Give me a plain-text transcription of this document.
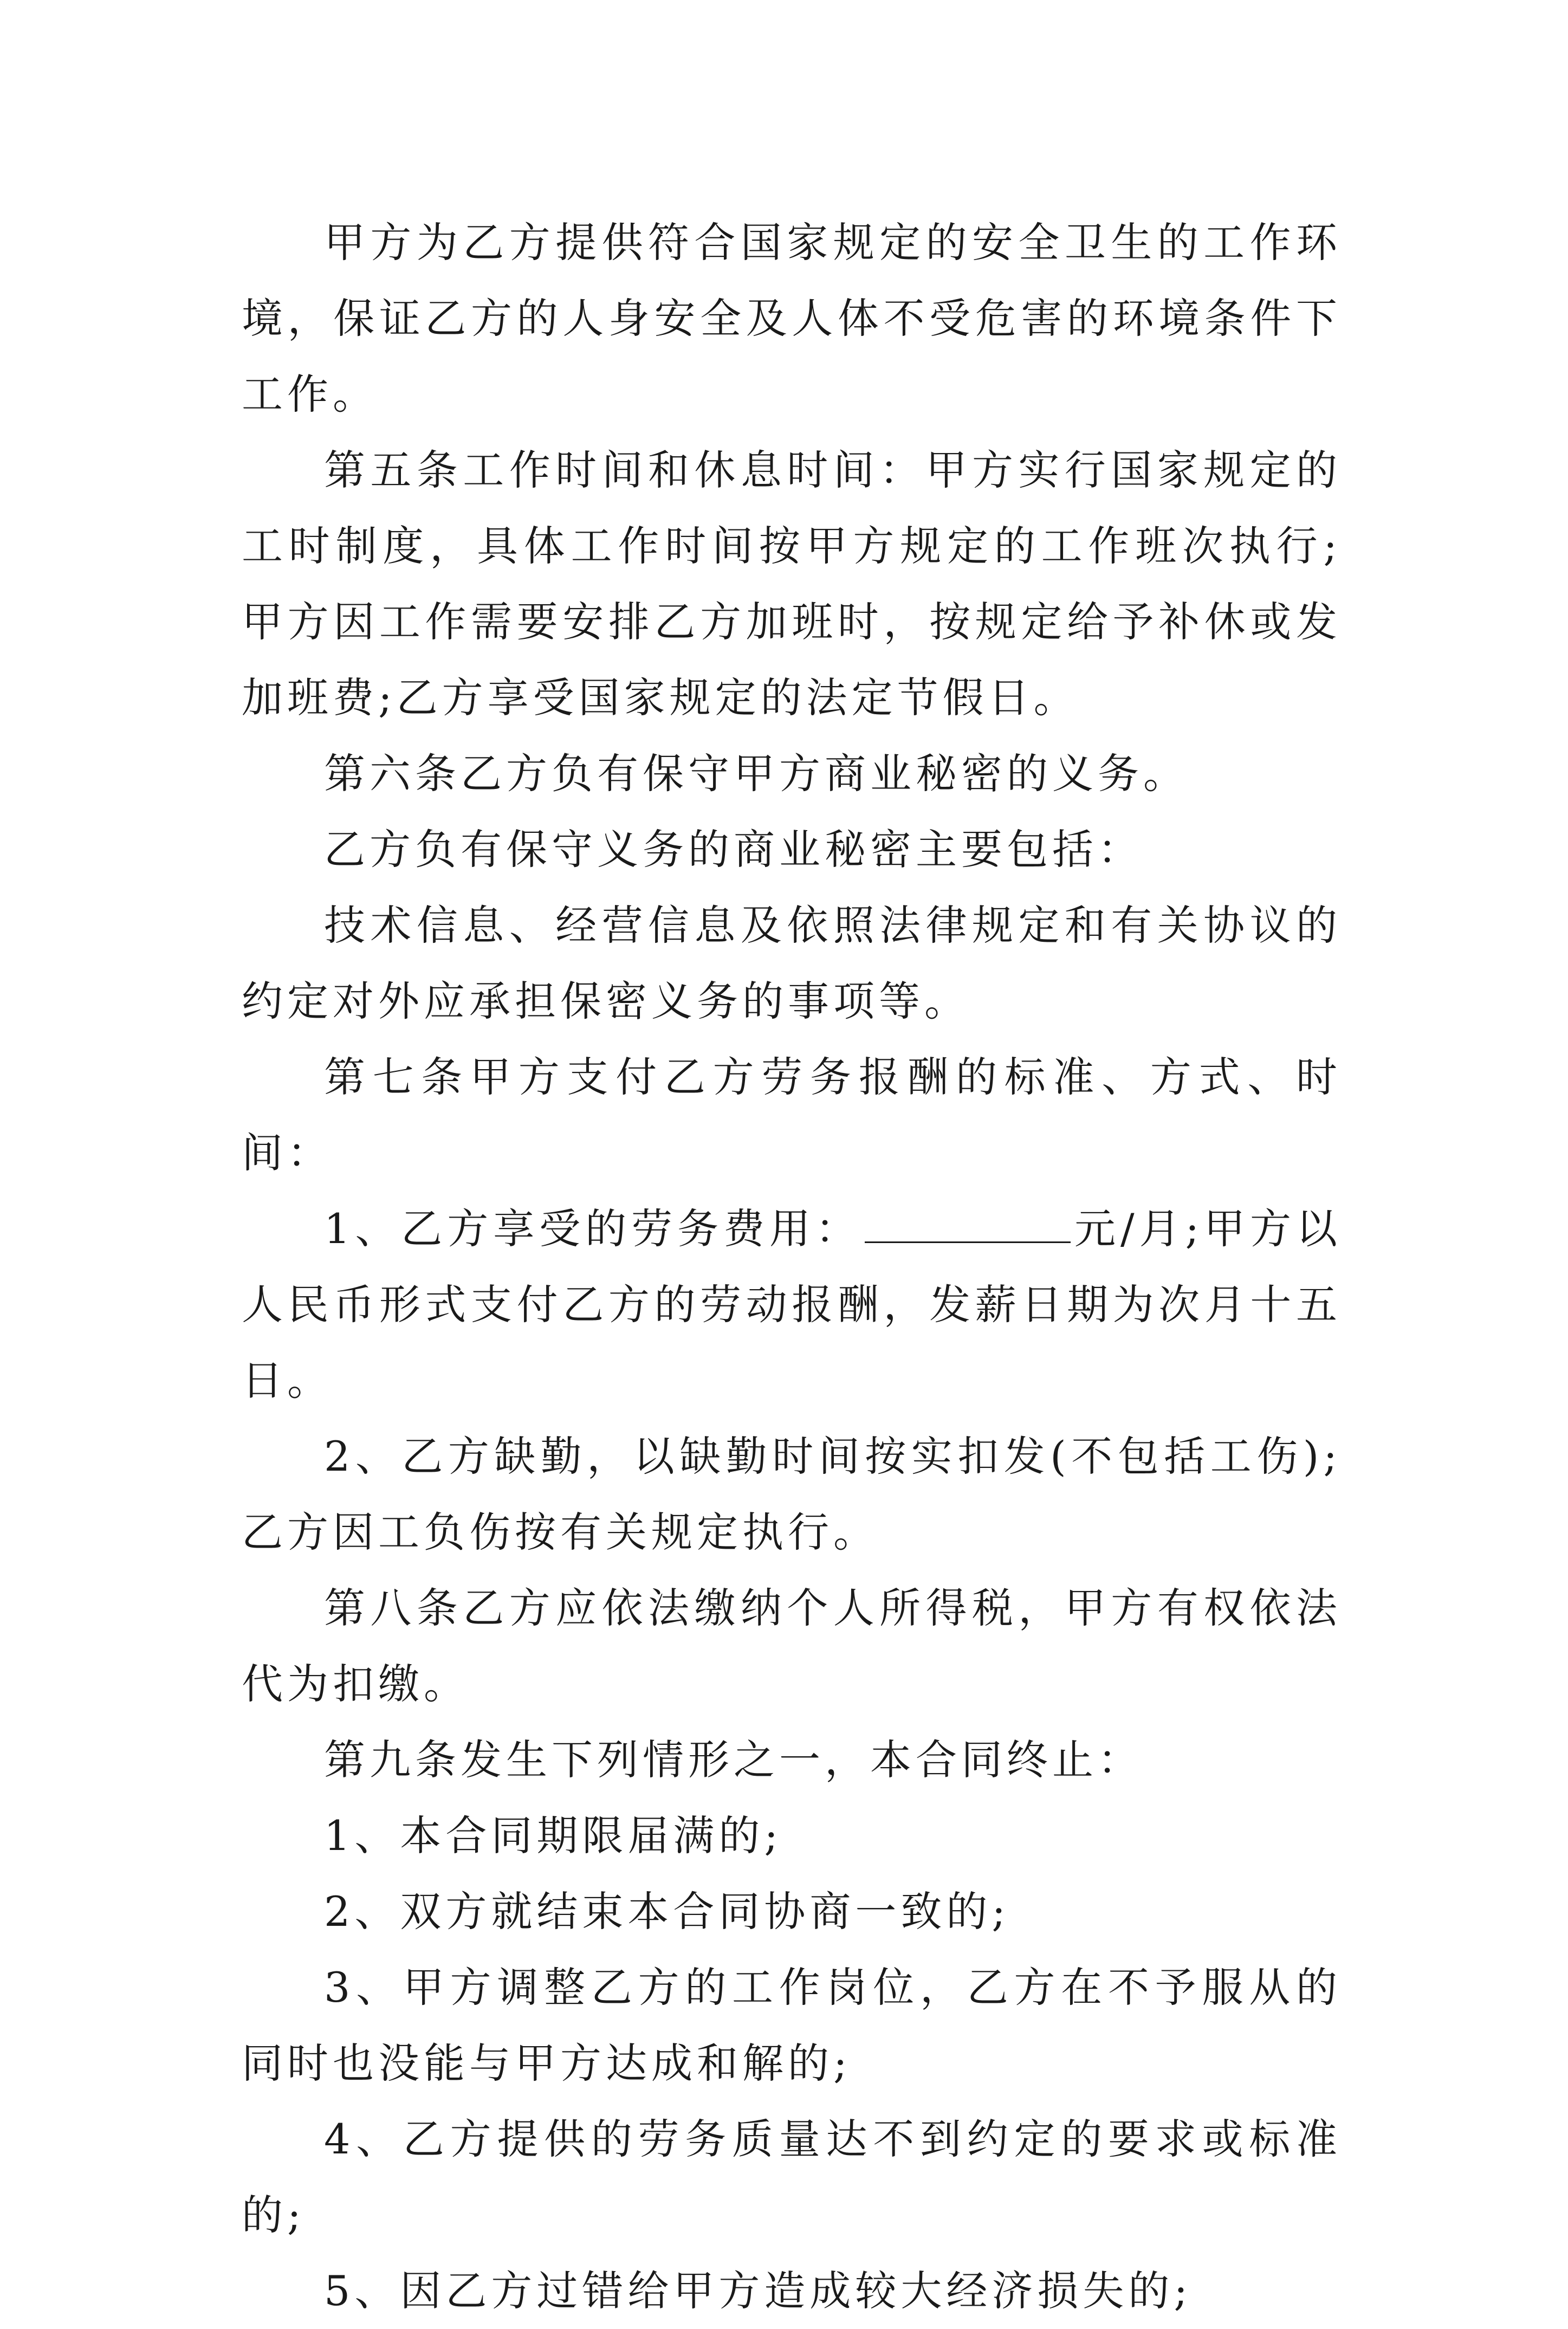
甲方为乙方提供符合国家规定的安全卫生的工作环境，保证乙方的人身安全及人体不受危害的环境条件下工作。

第五条工作时间和休息时间：甲方实行国家规定的工时制度，具体工作时间按甲方规定的工作班次执行;甲方因工作需要安排乙方加班时，按规定给予补休或发加班费;乙方享受国家规定的法定节假日。

第六条乙方负有保守甲方商业秘密的义务。

乙方负有保守义务的商业秘密主要包括：

技术信息、经营信息及依照法律规定和有关协议的约定对外应承担保密义务的事项等。

第七条甲方支付乙方劳务报酬的标准、方式、时间：

1、乙方享受的劳务费用：	元/月;甲方以人民币形式支付乙方的劳动报酬，发薪日期为次月十五日。

2、乙方缺勤，以缺勤时间按实扣发(不包括工伤);乙方因工负伤按有关规定执行。

第八条乙方应依法缴纳个人所得税，甲方有权依法代为扣缴。

第九条发生下列情形之一，本合同终止：

1、本合同期限届满的;

2、双方就结束本合同协商一致的;

3、甲方调整乙方的工作岗位，乙方在不予服从的同时也没能与甲方达成和解的;

4、乙方提供的劳务质量达不到约定的要求或标准的;

5、因乙方过错给甲方造成较大经济损失的;
